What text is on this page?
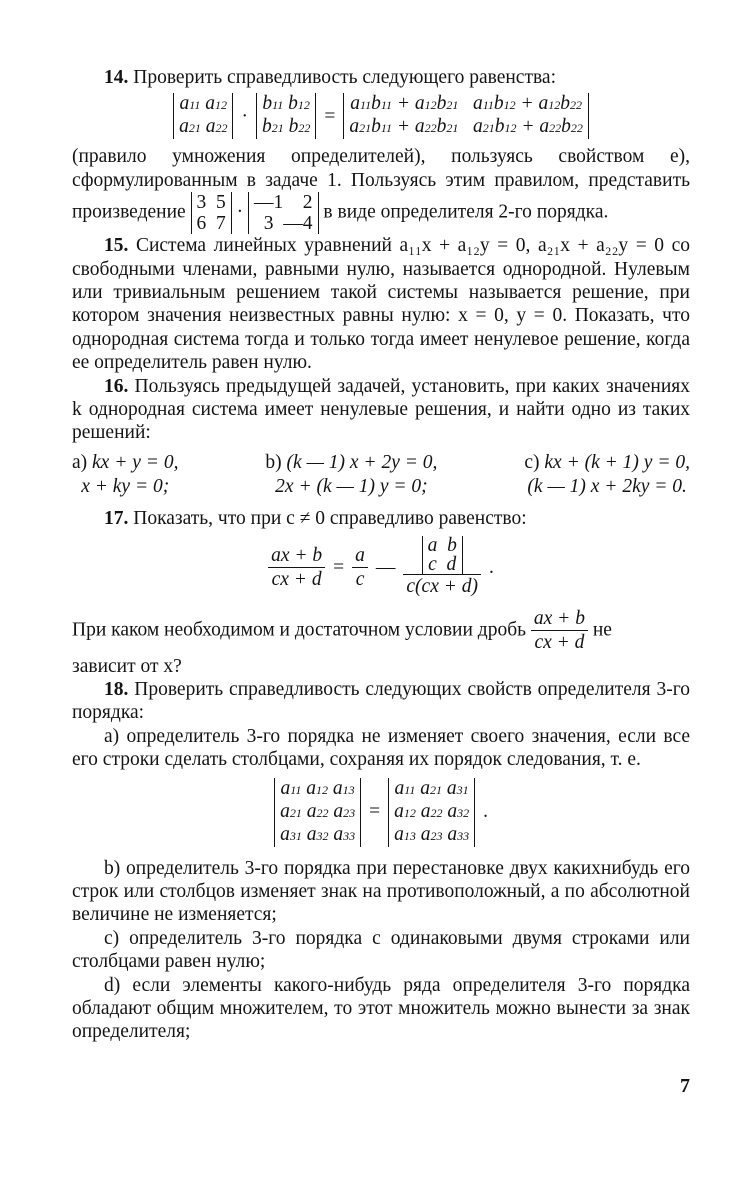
14. Проверить справедливость следующего равенства:

a11 a12
a21 a22
·
b11 b12
b21 b22
=
a11b11 + a12b21   a11b12 + a12b22
a21b11 + a22b21   a21b12 + a22b22

(правило умножения определителей), пользуясь свойством е), сформулированным в задаче 1. Пользуясь этим правилом, представить произведение 3  5
6  7
· —1    2
3  —4
в виде определителя 2-го порядка.

15. Система линейных уравнений a₁₁x + a₁₂y = 0, a₂₁x + a₂₂y = 0 со свободными членами, равными нулю, называется однородной. Нулевым или тривиальным решением такой системы называется решение, при котором значения неизвестных равны нулю: x = 0, y = 0. Показать, что однородная система тогда и только тогда имеет ненулевое решение, когда ее определитель равен нулю.

16. Пользуясь предыдущей задачей, установить, при каких значениях k однородная система имеет ненулевые решения, и найти одно из таких решений:

a) kx + y = 0,
x + ky = 0;
b) (k — 1) x + 2y = 0,
2x + (k — 1) y = 0;
c) kx + (k + 1) y = 0,
(k — 1) x + 2ky = 0.

17. Показать, что при c ≠ 0 справедливо равенство:

$\frac{ax + b}{cx + d} = \frac{a}{c}$ — a  b
c  d
c(cx + d) .

При каком необходимом и достаточном условии дробь $\frac{ax + b}{cx + d}$ не

зависит от x?

18. Проверить справедливость следующих свойств определителя 3-го порядка:

а) определитель 3-го порядка не изменяет своего значения, если все его строки сделать столбцами, сохраняя их порядок следования, т. е.

a11 a12 a13
a21 a22 a23
a31 a32 a33
=
a11 a21 a31
a12 a22 a32
a13 a23 a33
.

b) определитель 3-го порядка при перестановке двух какихнибудь его строк или столбцов изменяет знак на противоположный, а по абсолютной величине не изменяется;

c) определитель 3-го порядка с одинаковыми двумя строками или столбцами равен нулю;

d) если элементы какого-нибудь ряда определителя 3-го порядка обладают общим множителем, то этот множитель можно вынести за знак определителя;

7
